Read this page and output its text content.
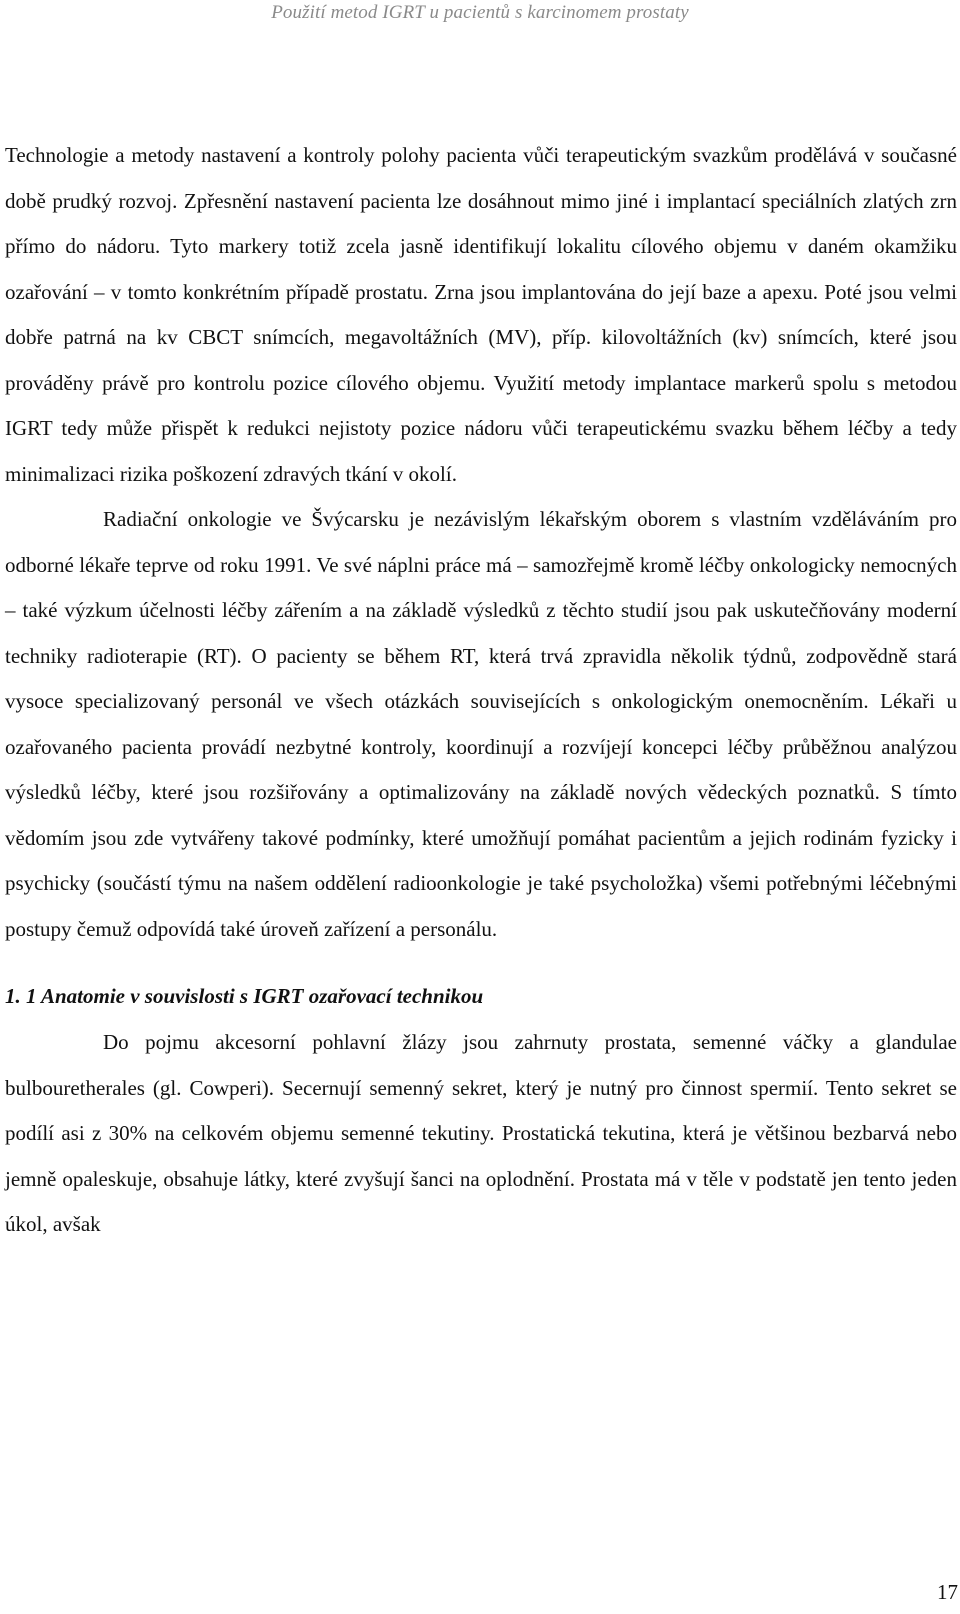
Použití metod IGRT u pacientů s karcinomem prostaty

Technologie a metody nastavení a kontroly polohy pacienta vůči terapeutickým svazkům prodělává v současné době prudký rozvoj. Zpřesnění nastavení pacienta lze dosáhnout mimo jiné i implantací speciálních zlatých zrn přímo do nádoru. Tyto markery totiž zcela jasně identifikují lokalitu cílového objemu v daném okamžiku ozařování – v tomto konkrétním případě prostatu. Zrna jsou implantována do její baze a apexu. Poté jsou velmi dobře patrná na kv CBCT snímcích, megavoltážních (MV), příp. kilovoltážních (kv) snímcích, které jsou prováděny právě pro kontrolu pozice cílového objemu. Využití metody implantace markerů spolu s metodou IGRT tedy může přispět k redukci nejistoty pozice nádoru vůči terapeutickému svazku během léčby a tedy minimalizaci rizika poškození zdravých tkání v okolí.

Radiační onkologie ve Švýcarsku je nezávislým lékařským oborem s vlastním vzděláváním pro odborné lékaře teprve od roku 1991. Ve své náplni práce má – samozřejmě kromě léčby onkologicky nemocných – také výzkum účelnosti léčby zářením a na základě výsledků z těchto studií jsou pak uskutečňovány moderní techniky radioterapie (RT). O pacienty se během RT, která trvá zpravidla několik týdnů, zodpovědně stará vysoce specializovaný personál ve všech otázkách souvisejících s onkologickým onemocněním. Lékaři u ozařovaného pacienta provádí nezbytné kontroly, koordinují a rozvíjejí koncepci léčby průběžnou analýzou výsledků léčby, které jsou rozšiřovány a optimalizovány na základě nových vědeckých poznatků. S tímto vědomím jsou zde vytvářeny takové podmínky, které umožňují pomáhat pacientům a jejich rodinám fyzicky i psychicky (součástí týmu na našem oddělení radioonkologie je také psycholožka) všemi potřebnými léčebnými postupy čemuž odpovídá také úroveň zařízení a personálu.

1. 1 Anatomie v souvislosti s IGRT ozařovací technikou

Do pojmu akcesorní pohlavní žlázy jsou zahrnuty prostata, semenné váčky a glandulae bulbouretherales (gl. Cowperi). Secernují semenný sekret, který je nutný pro činnost spermií. Tento sekret se podílí asi z 30% na celkovém objemu semenné tekutiny. Prostatická tekutina, která je většinou bezbarvá nebo jemně opaleskuje, obsahuje látky, které zvyšují šanci na oplodnění. Prostata má v těle v podstatě jen tento jeden úkol, avšak

17
